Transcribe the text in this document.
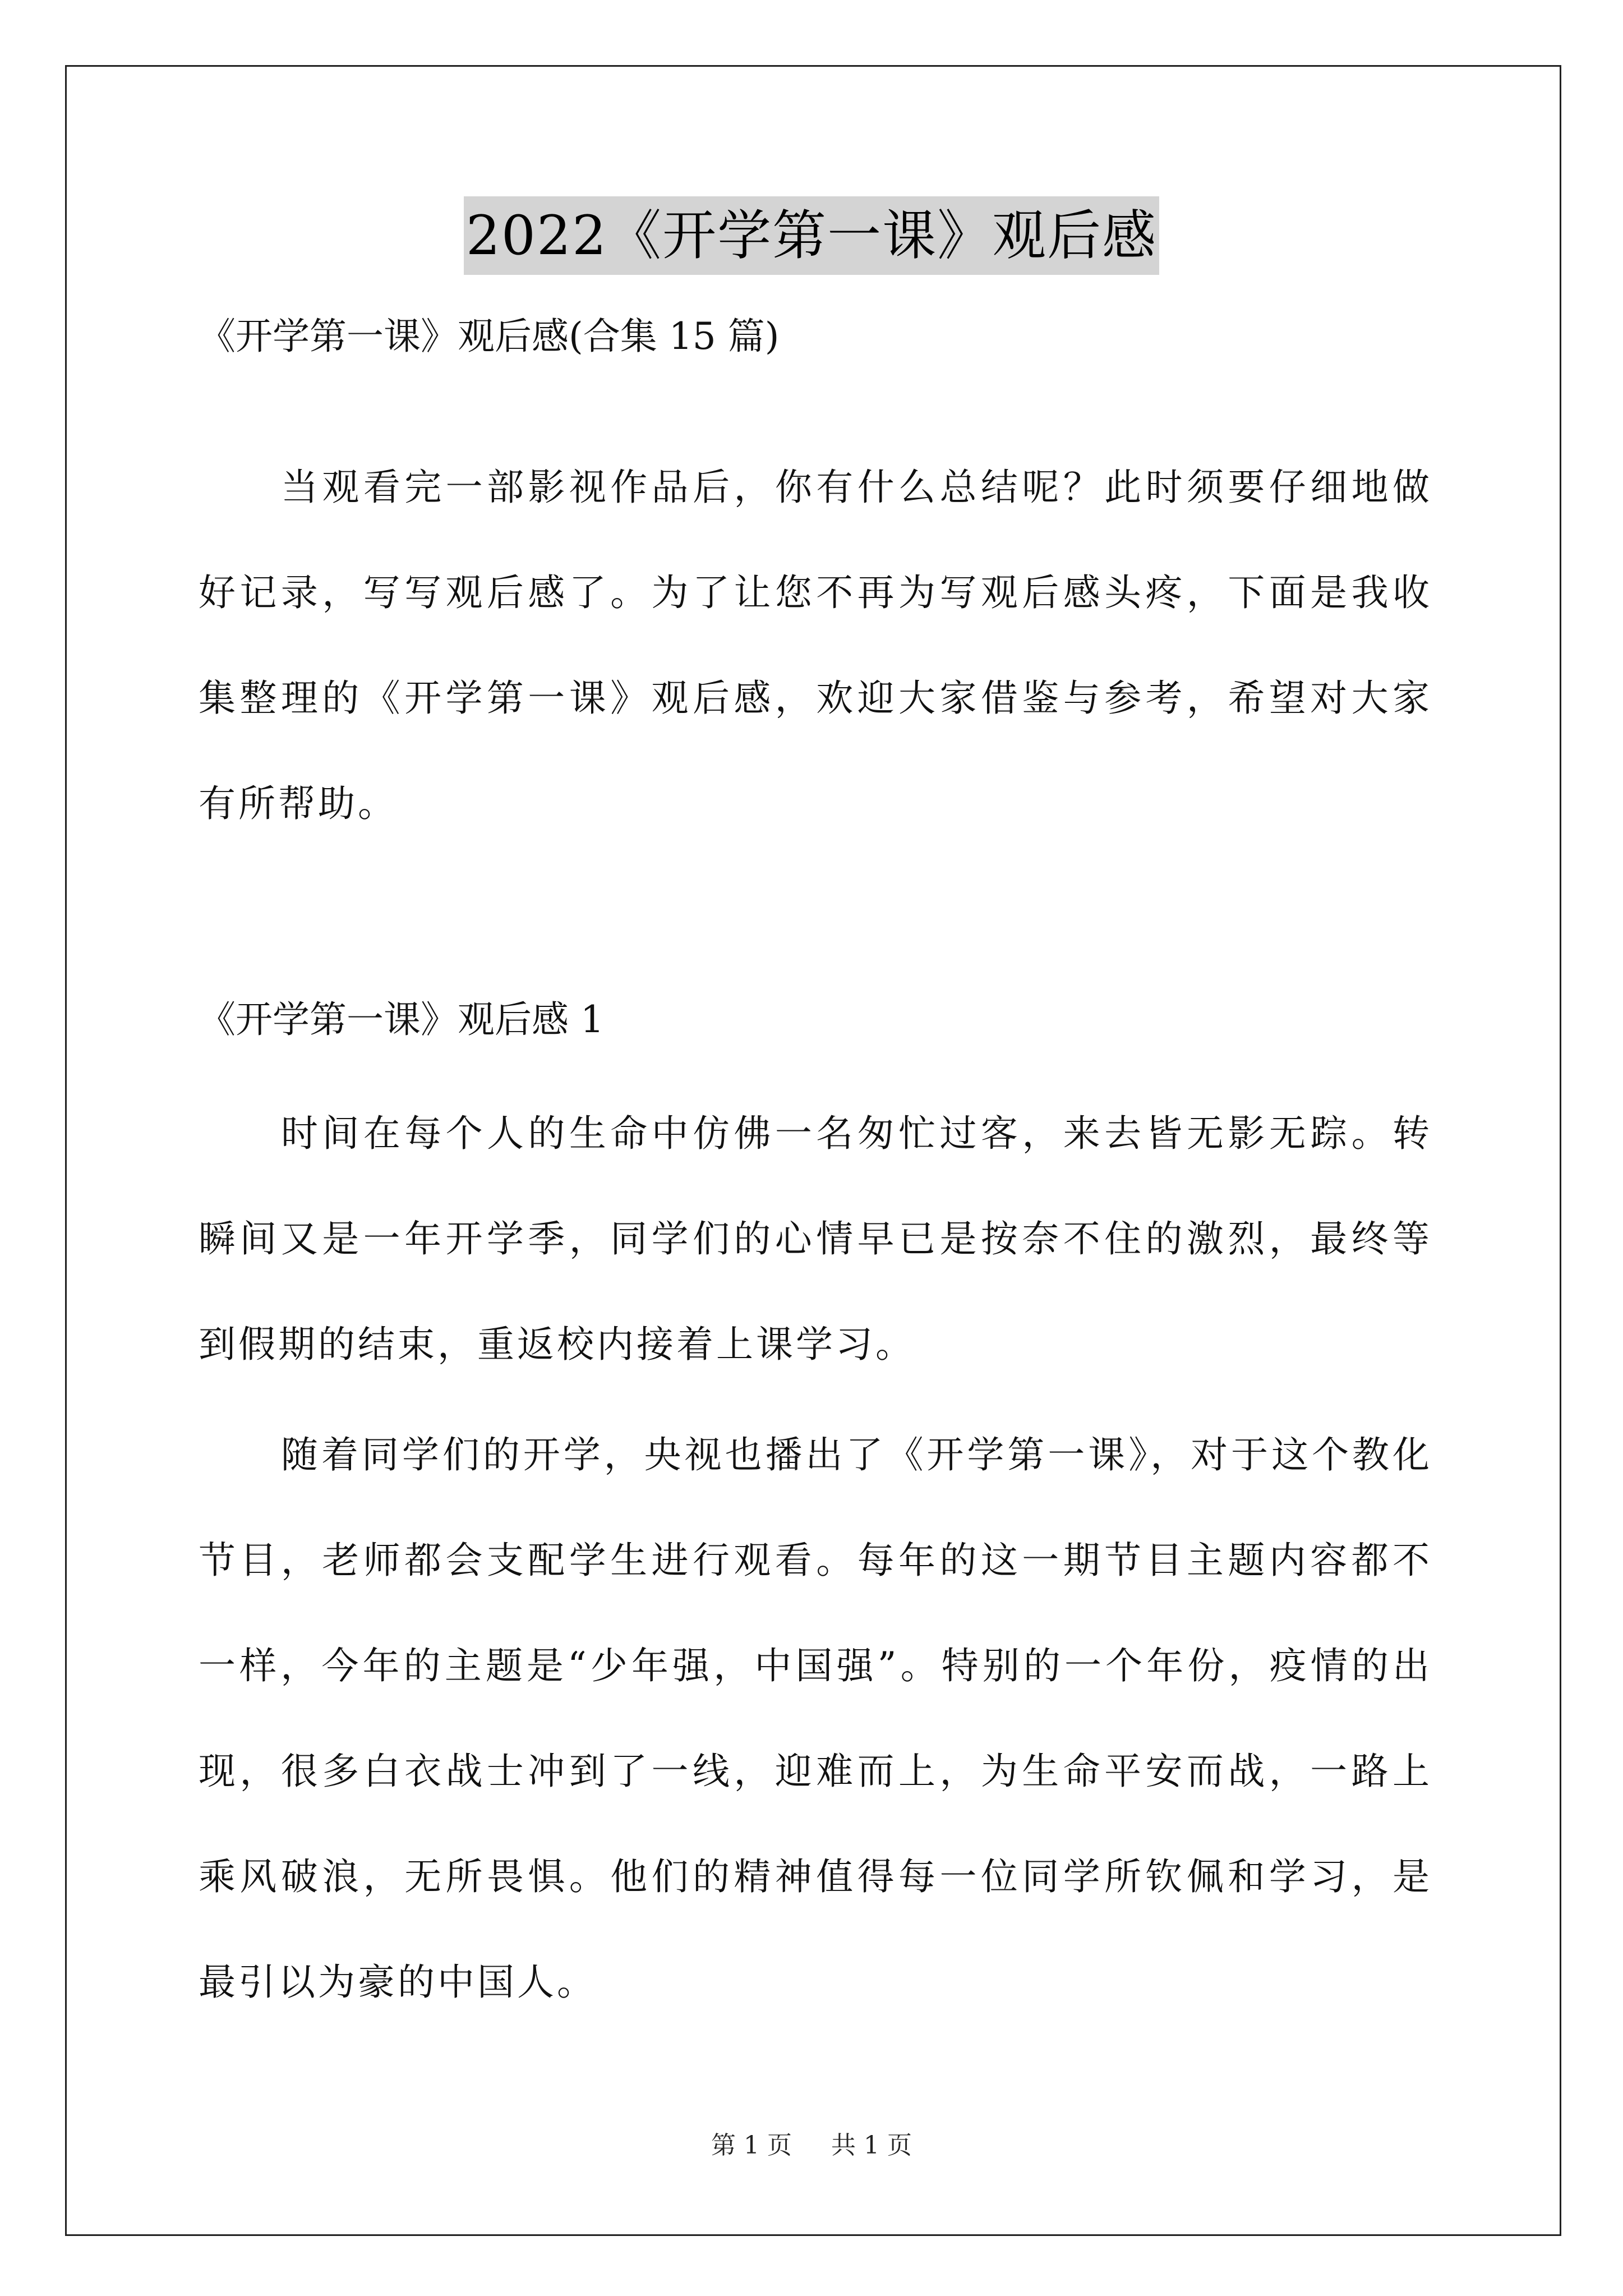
2022《开学第一课》观后感
《开学第一课》观后感(合集 15 篇)

当观看完一部影视作品后，你有什么总结呢？此时须要仔细地做好记录，写写观后感了。为了让您不再为写观后感头疼，下面是我收集整理的《开学第一课》观后感，欢迎大家借鉴与参考，希望对大家有所帮助。

《开学第一课》观后感 1

时间在每个人的生命中仿佛一名匆忙过客，来去皆无影无踪。转瞬间又是一年开学季，同学们的心情早已是按奈不住的激烈，最终等到假期的结束，重返校内接着上课学习。

随着同学们的开学，央视也播出了《开学第一课》，对于这个教化节目，老师都会支配学生进行观看。每年的这一期节目主题内容都不一样，今年的主题是“少年强，中国强”。特别的一个年份，疫情的出现，很多白衣战士冲到了一线，迎难而上，为生命平安而战，一路上乘风破浪，无所畏惧。他们的精神值得每一位同学所钦佩和学习，是最引以为豪的中国人。

第 1 页 共 1 页
